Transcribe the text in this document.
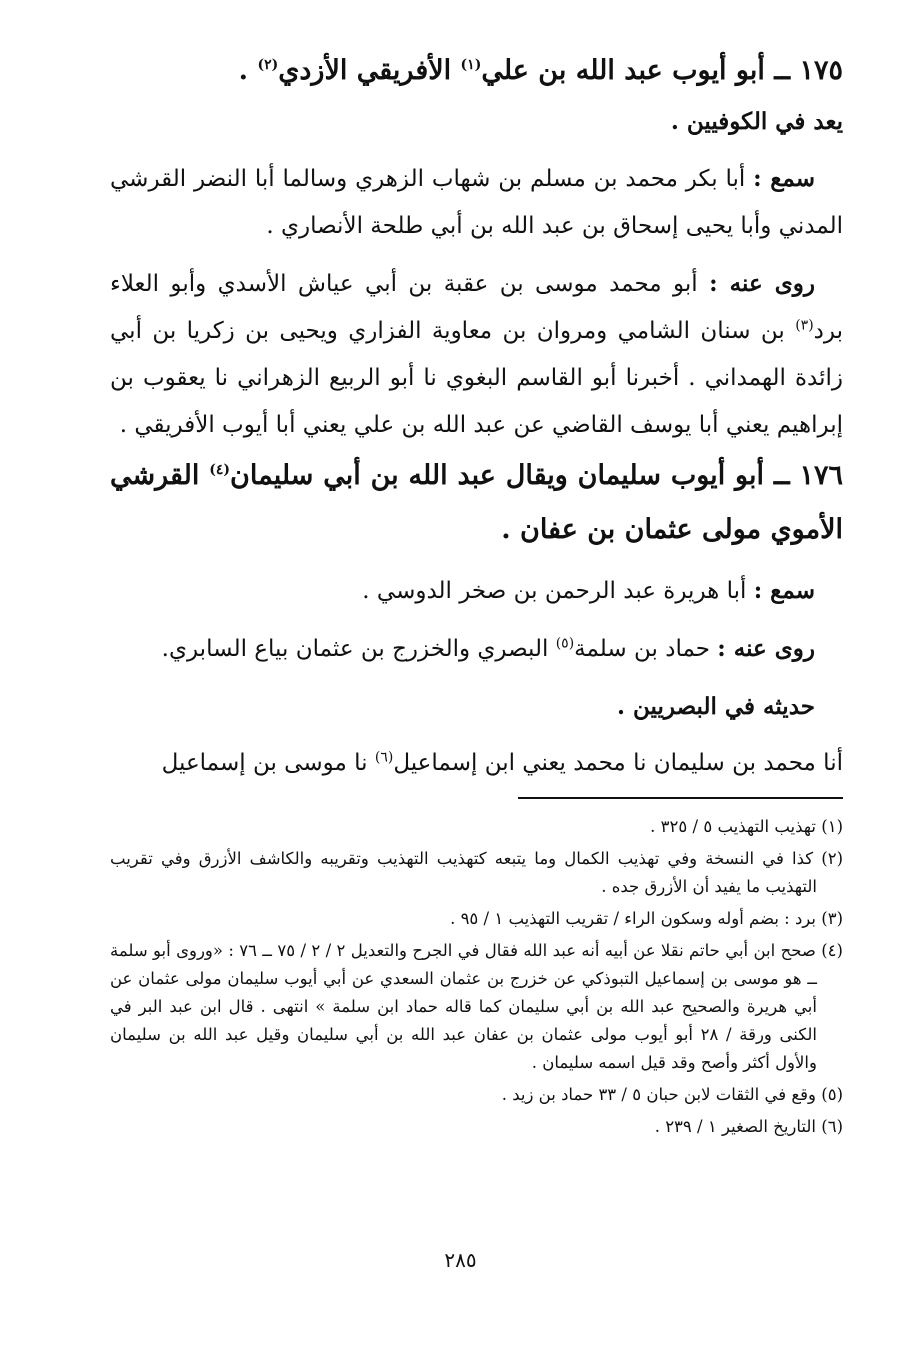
١٧٥ ــ أبو أيوب عبد الله بن علي$^{(١)}$ الأفريقي الأزدي$^{(٢)}$ .

يعد في الكوفيين .

سمع : أبا بكر محمد بن مسلم بن شهاب الزهري وسالما أبا النضر القرشي المدني وأبا يحيى إسحاق بن عبد الله بن أبي طلحة الأنصاري .

روى عنه : أبو محمد موسى بن عقبة بن أبي عياش الأسدي وأبو العلاء برد$^{(٣)}$ بن سنان الشامي ومروان بن معاوية الفزاري ويحيى بن زكريا بن أبي زائدة الهمداني . أخبرنا أبو القاسم البغوي نا أبو الربيع الزهراني نا يعقوب بن إبراهيم يعني أبا يوسف القاضي عن عبد الله بن علي يعني أبا أيوب الأفريقي .

١٧٦ ــ أبو أيوب سليمان ويقال عبد الله بن أبي سليمان$^{(٤)}$ القرشي الأموي مولى عثمان بن عفان .

سمع : أبا هريرة عبد الرحمن بن صخر الدوسي .

روى عنه : حماد بن سلمة$^{(٥)}$ البصري والخزرج بن عثمان بياع السابري.

حديثه في البصريين .

أنا محمد بن سليمان نا محمد يعني ابن إسماعيل$^{(٦)}$ نا موسى بن إسماعيل

(١) تهذيب التهذيب ٥ / ٣٢٥ .

(٢) كذا في النسخة وفي تهذيب الكمال وما يتبعه كتهذيب التهذيب وتقريبه والكاشف الأزرق وفي تقريب التهذيب ما يفيد أن الأزرق جده .

(٣) برد : بضم أوله وسكون الراء / تقريب التهذيب ١ / ٩٥ .

(٤) صحح ابن أبي حاتم نقلا عن أبيه أنه عبد الله فقال في الجرح والتعديل ٢ / ٢ / ٧٥ ــ ٧٦ : «وروى أبو سلمة ــ هو موسى بن إسماعيل التبوذكي عن خزرج بن عثمان السعدي عن أبي أيوب سليمان مولى عثمان عن أبي هريرة والصحيح عبد الله بن أبي سليمان كما قاله حماد ابن سلمة » انتهى . قال ابن عبد البر في الكنى ورقة / ٢٨ أبو أيوب مولى عثمان بن عفان عبد الله بن أبي سليمان وقيل عبد الله بن سليمان والأول أكثر وأصح وقد قيل اسمه سليمان .

(٥) وقع في الثقات لابن حبان ٥ / ٣٣ حماد بن زيد .

(٦) التاريخ الصغير ١ / ٢٣٩ .

٢٨٥
